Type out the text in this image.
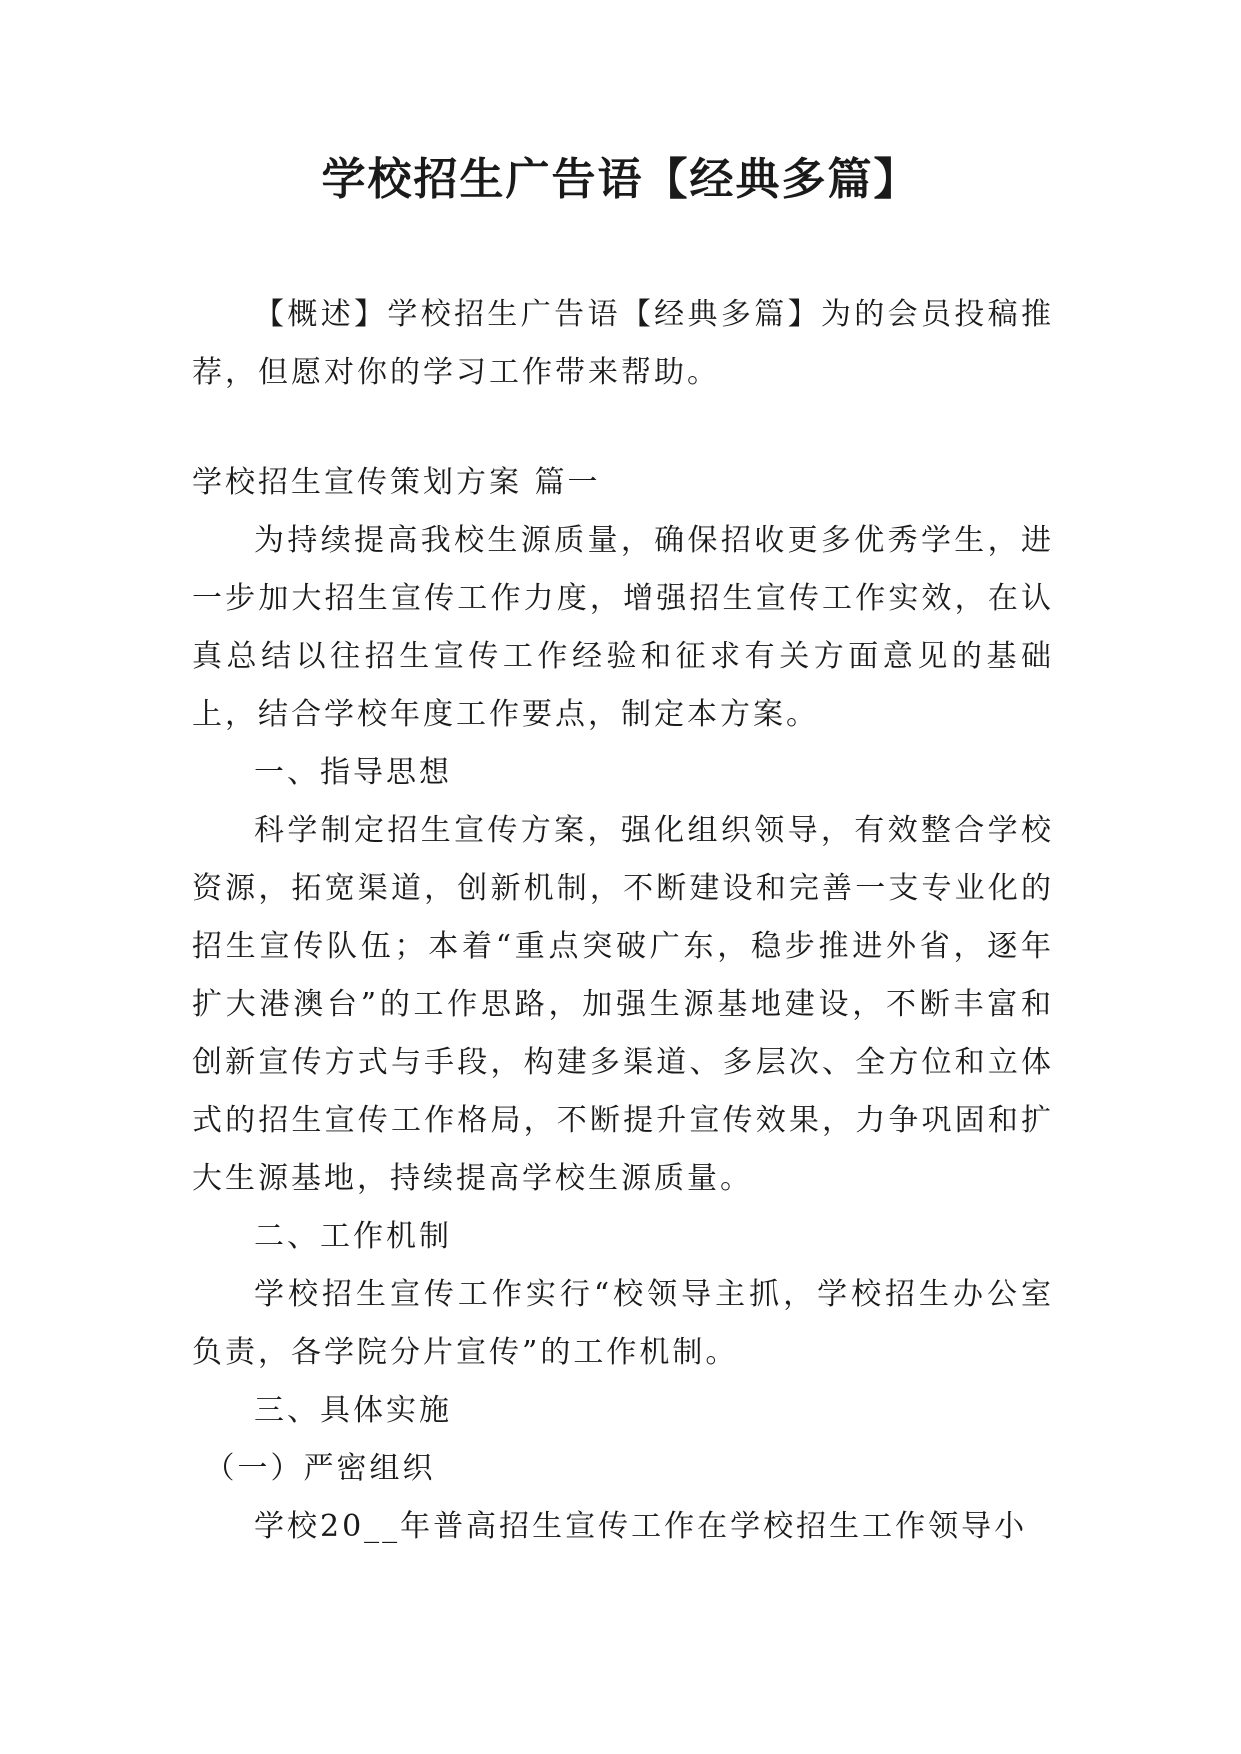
学校招生广告语【经典多篇】

【概述】学校招生广告语【经典多篇】为的会员投稿推荐，但愿对你的学习工作带来帮助。

学校招生宣传策划方案 篇一

为持续提高我校生源质量，确保招收更多优秀学生，进一步加大招生宣传工作力度，增强招生宣传工作实效，在认真总结以往招生宣传工作经验和征求有关方面意见的基础上，结合学校年度工作要点，制定本方案。

一、指导思想

科学制定招生宣传方案，强化组织领导，有效整合学校资源，拓宽渠道，创新机制，不断建设和完善一支专业化的招生宣传队伍；本着“重点突破广东，稳步推进外省，逐年扩大港澳台”的工作思路，加强生源基地建设，不断丰富和创新宣传方式与手段，构建多渠道、多层次、全方位和立体式的招生宣传工作格局，不断提升宣传效果，力争巩固和扩大生源基地，持续提高学校生源质量。

二、工作机制

学校招生宣传工作实行“校领导主抓，学校招生办公室负责，各学院分片宣传”的工作机制。

三、具体实施

（一）严密组织

学校20__年普高招生宣传工作在学校招生工作领导小
